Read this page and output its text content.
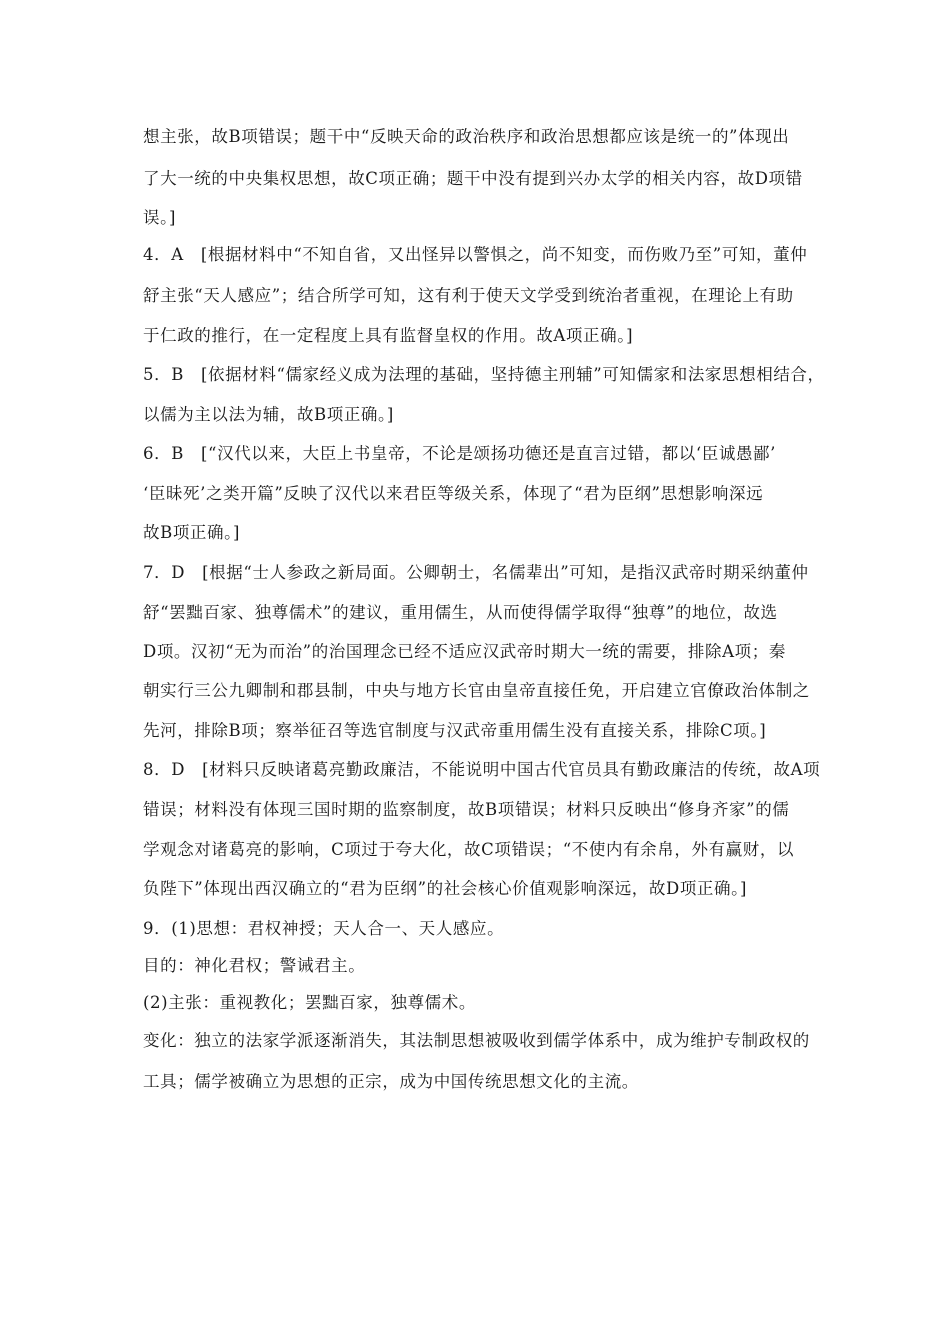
想主张，故B项错误；题干中“反映天命的政治秩序和政治思想都应该是统一的”体现出
了大一统的中央集权思想，故C项正确；题干中没有提到兴办太学的相关内容，故D项错
误。]
4．A　[根据材料中“不知自省，又出怪异以警惧之，尚不知变，而伤败乃至”可知，董仲
舒主张“天人感应”；结合所学可知，这有利于使天文学受到统治者重视，在理论上有助
于仁政的推行，在一定程度上具有监督皇权的作用。故A项正确。]
5．B　[依据材料“儒家经义成为法理的基础，坚持德主刑辅”可知儒家和法家思想相结合，
以儒为主以法为辅，故B项正确。]
6．B　[“汉代以来，大臣上书皇帝，不论是颂扬功德还是直言过错，都以‘臣诚愚鄙’
‘臣昧死’之类开篇”反映了汉代以来君臣等级关系，体现了“君为臣纲”思想影响深远
故B项正确。]
7．D　[根据“士人参政之新局面。公卿朝士，名儒辈出”可知，是指汉武帝时期采纳董仲
舒“罢黜百家、独尊儒术”的建议，重用儒生，从而使得儒学取得“独尊”的地位，故选
D项。汉初“无为而治”的治国理念已经不适应汉武帝时期大一统的需要，排除A项；秦
朝实行三公九卿制和郡县制，中央与地方长官由皇帝直接任免，开启建立官僚政治体制之
先河，排除B项；察举征召等选官制度与汉武帝重用儒生没有直接关系，排除C项。]
8．D　[材料只反映诸葛亮勤政廉洁，不能说明中国古代官员具有勤政廉洁的传统，故A项
错误；材料没有体现三国时期的监察制度，故B项错误；材料只反映出“修身齐家”的儒
学观念对诸葛亮的影响，C项过于夸大化，故C项错误；“不使内有余帛，外有赢财，以
负陛下”体现出西汉确立的“君为臣纲”的社会核心价值观影响深远，故D项正确。]
9．(1)思想：君权神授；天人合一、天人感应。
目的：神化君权；警诫君主。
(2)主张：重视教化；罢黜百家，独尊儒术。
变化：独立的法家学派逐渐消失，其法制思想被吸收到儒学体系中，成为维护专制政权的
工具；儒学被确立为思想的正宗，成为中国传统思想文化的主流。
